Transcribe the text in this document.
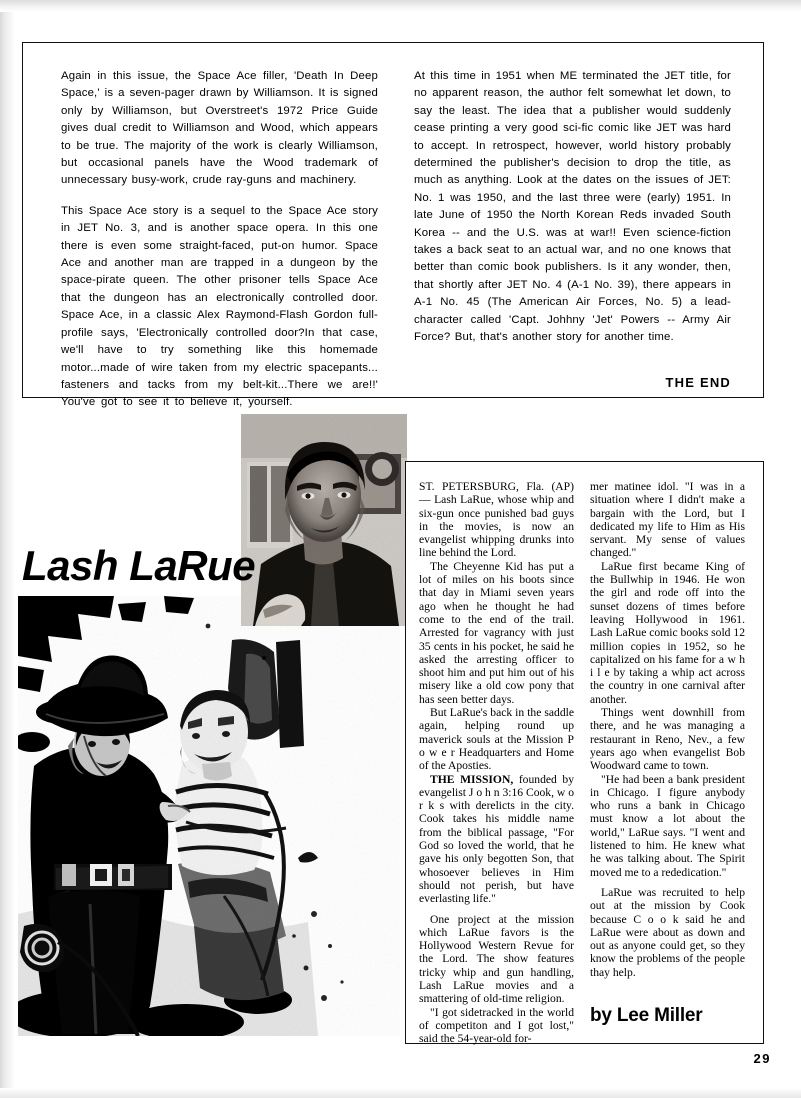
Again in this issue, the Space Ace filler, 'Death In Deep Space,' is a seven-pager drawn by Williamson. It is signed only by Williamson, but Overstreet's 1972 Price Guide gives dual credit to Williamson and Wood, which appears to be true. The majority of the work is clearly Williamson, but occasional panels have the Wood trademark of unnecessary busy-work, crude ray-guns and machinery.

This Space Ace story is a sequel to the Space Ace story in JET No. 3, and is another space opera. In this one there is even some straight-faced, put-on humor. Space Ace and another man are trapped in a dungeon by the space-pirate queen. The other prisoner tells Space Ace that the dungeon has an electronically controlled door. Space Ace, in a classic Alex Raymond-Flash Gordon full-profile says, 'Electronically controlled door?In that case, we'll have to try something like this homemade motor...made of wire taken from my electric spacepants... fasteners and tacks from my belt-kit...There we are!!' You've got to see it to believe it, yourself.

At this time in 1951 when ME terminated the JET title, for no apparent reason, the author felt somewhat let down, to say the least. The idea that a publisher would suddenly cease printing a very good sci-fic comic like JET was hard to accept. In retrospect, however, world history probably determined the publisher's decision to drop the title, as much as anything. Look at the dates on the issues of JET: No. 1 was 1950, and the last three were (early) 1951. In late June of 1950 the North Korean Reds invaded South Korea -- and the U.S. was at war!! Even science-fiction takes a back seat to an actual war, and no one knows that better than comic book publishers. Is it any wonder, then, that shortly after JET No. 4 (A-1 No. 39), there appears in A-1 No. 45 (The American Air Forces, No. 5) a lead-character called 'Capt. Johhny 'Jet' Powers -- Army Air Force? But, that's another story for another time.

THE END
Lash LaRue

ST. PETERSBURG, Fla. (AP) — Lash LaRue, whose whip and six-gun once punished bad guys in the movies, is now an evangelist whipping drunks into line behind the Lord.

The Cheyenne Kid has put a lot of miles on his boots since that day in Miami seven years ago when he thought he had come to the end of the trail. Arrested for vagrancy with just 35 cents in his pocket, he said he asked the arresting officer to shoot him and put him out of his misery like a old cow pony that has seen better days.

But LaRue's back in the saddle again, helping round up maverick souls at the Mission P o w e r Headquarters and Home of the Aposties.

THE MISSION, founded by evangelist J o h n 3:16 Cook, w o r k s with derelicts in the city. Cook takes his middle name from the biblical passage, "For God so loved the world, that he gave his only begotten Son, that whosoever believes in Him should not perish, but have everlasting life."

One project at the mission which LaRue favors is the Hollywood Western Revue for the Lord. The show features tricky whip and gun handling, Lash LaRue movies and a smattering of old-time religion.

"I got sidetracked in the world of competiton and I got lost," said the 54-year-old for-

mer matinee idol. "I was in a situation where I didn't make a bargain with the Lord, but I dedicated my life to Him as His servant. My sense of values changed."

LaRue first became King of the Bullwhip in 1946. He won the girl and rode off into the sunset dozens of times before leaving Hollywood in 1961. Lash LaRue comic books sold 12 million copies in 1952, so he capitalized on his fame for a w h i l e by taking a whip act across the country in one carnival after another.

Things went downhill from there, and he was managing a restaurant in Reno, Nev., a few years ago when evangelist Bob Woodward came to town.

"He had been a bank president in Chicago. I figure anybody who runs a bank in Chicago must know a lot about the world," LaRue says. "I went and listened to him. He knew what he was talking about. The Spirit moved me to a rededication."

LaRue was recruited to help out at the mission by Cook because C o o k said he and LaRue were about as down and out as anyone could get, so they know the problems of the people thay help.

by Lee Miller
29
